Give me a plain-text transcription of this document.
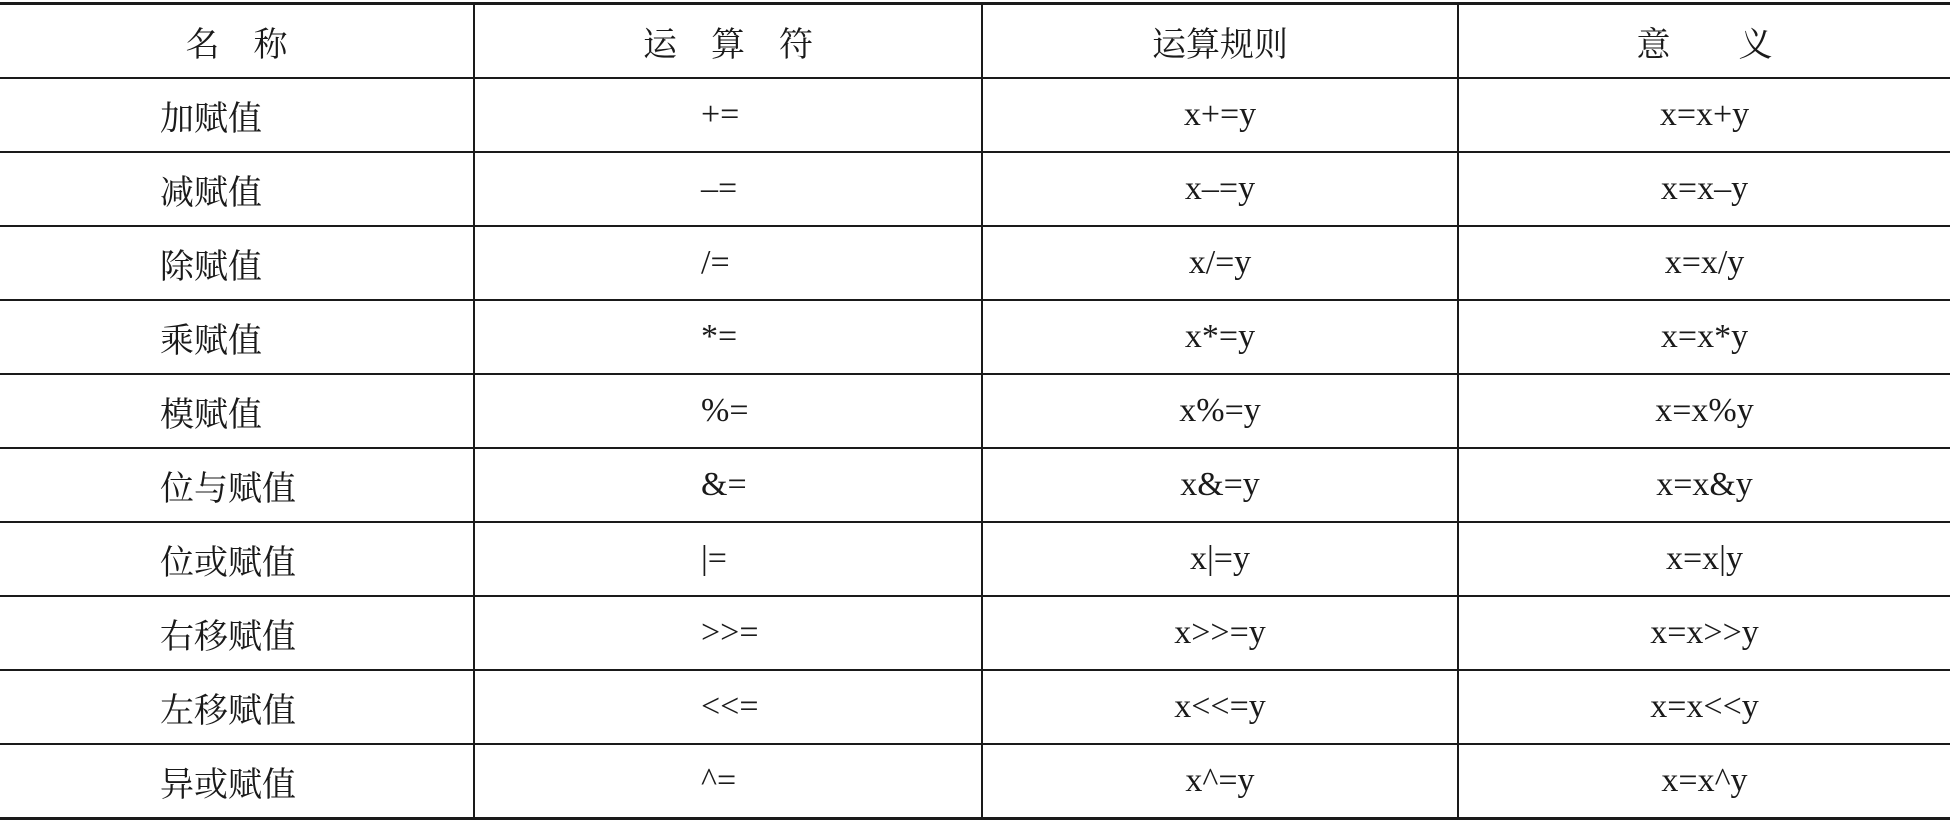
名　称	运　算　符	运算规则	意　　义
加赋值	+=	x+=y	x=x+y
减赋值	–=	x–=y	x=x–y
除赋值	/=	x/=y	x=x/y
乘赋值	*=	x*=y	x=x*y
模赋值	%=	x%=y	x=x%y
位与赋值	&=	x&=y	x=x&y
位或赋值	|=	x|=y	x=x|y
右移赋值	>>=	x>>=y	x=x>>y
左移赋值	<<=	x<<=y	x=x<<y
异或赋值	^=	x^=y	x=x^y
